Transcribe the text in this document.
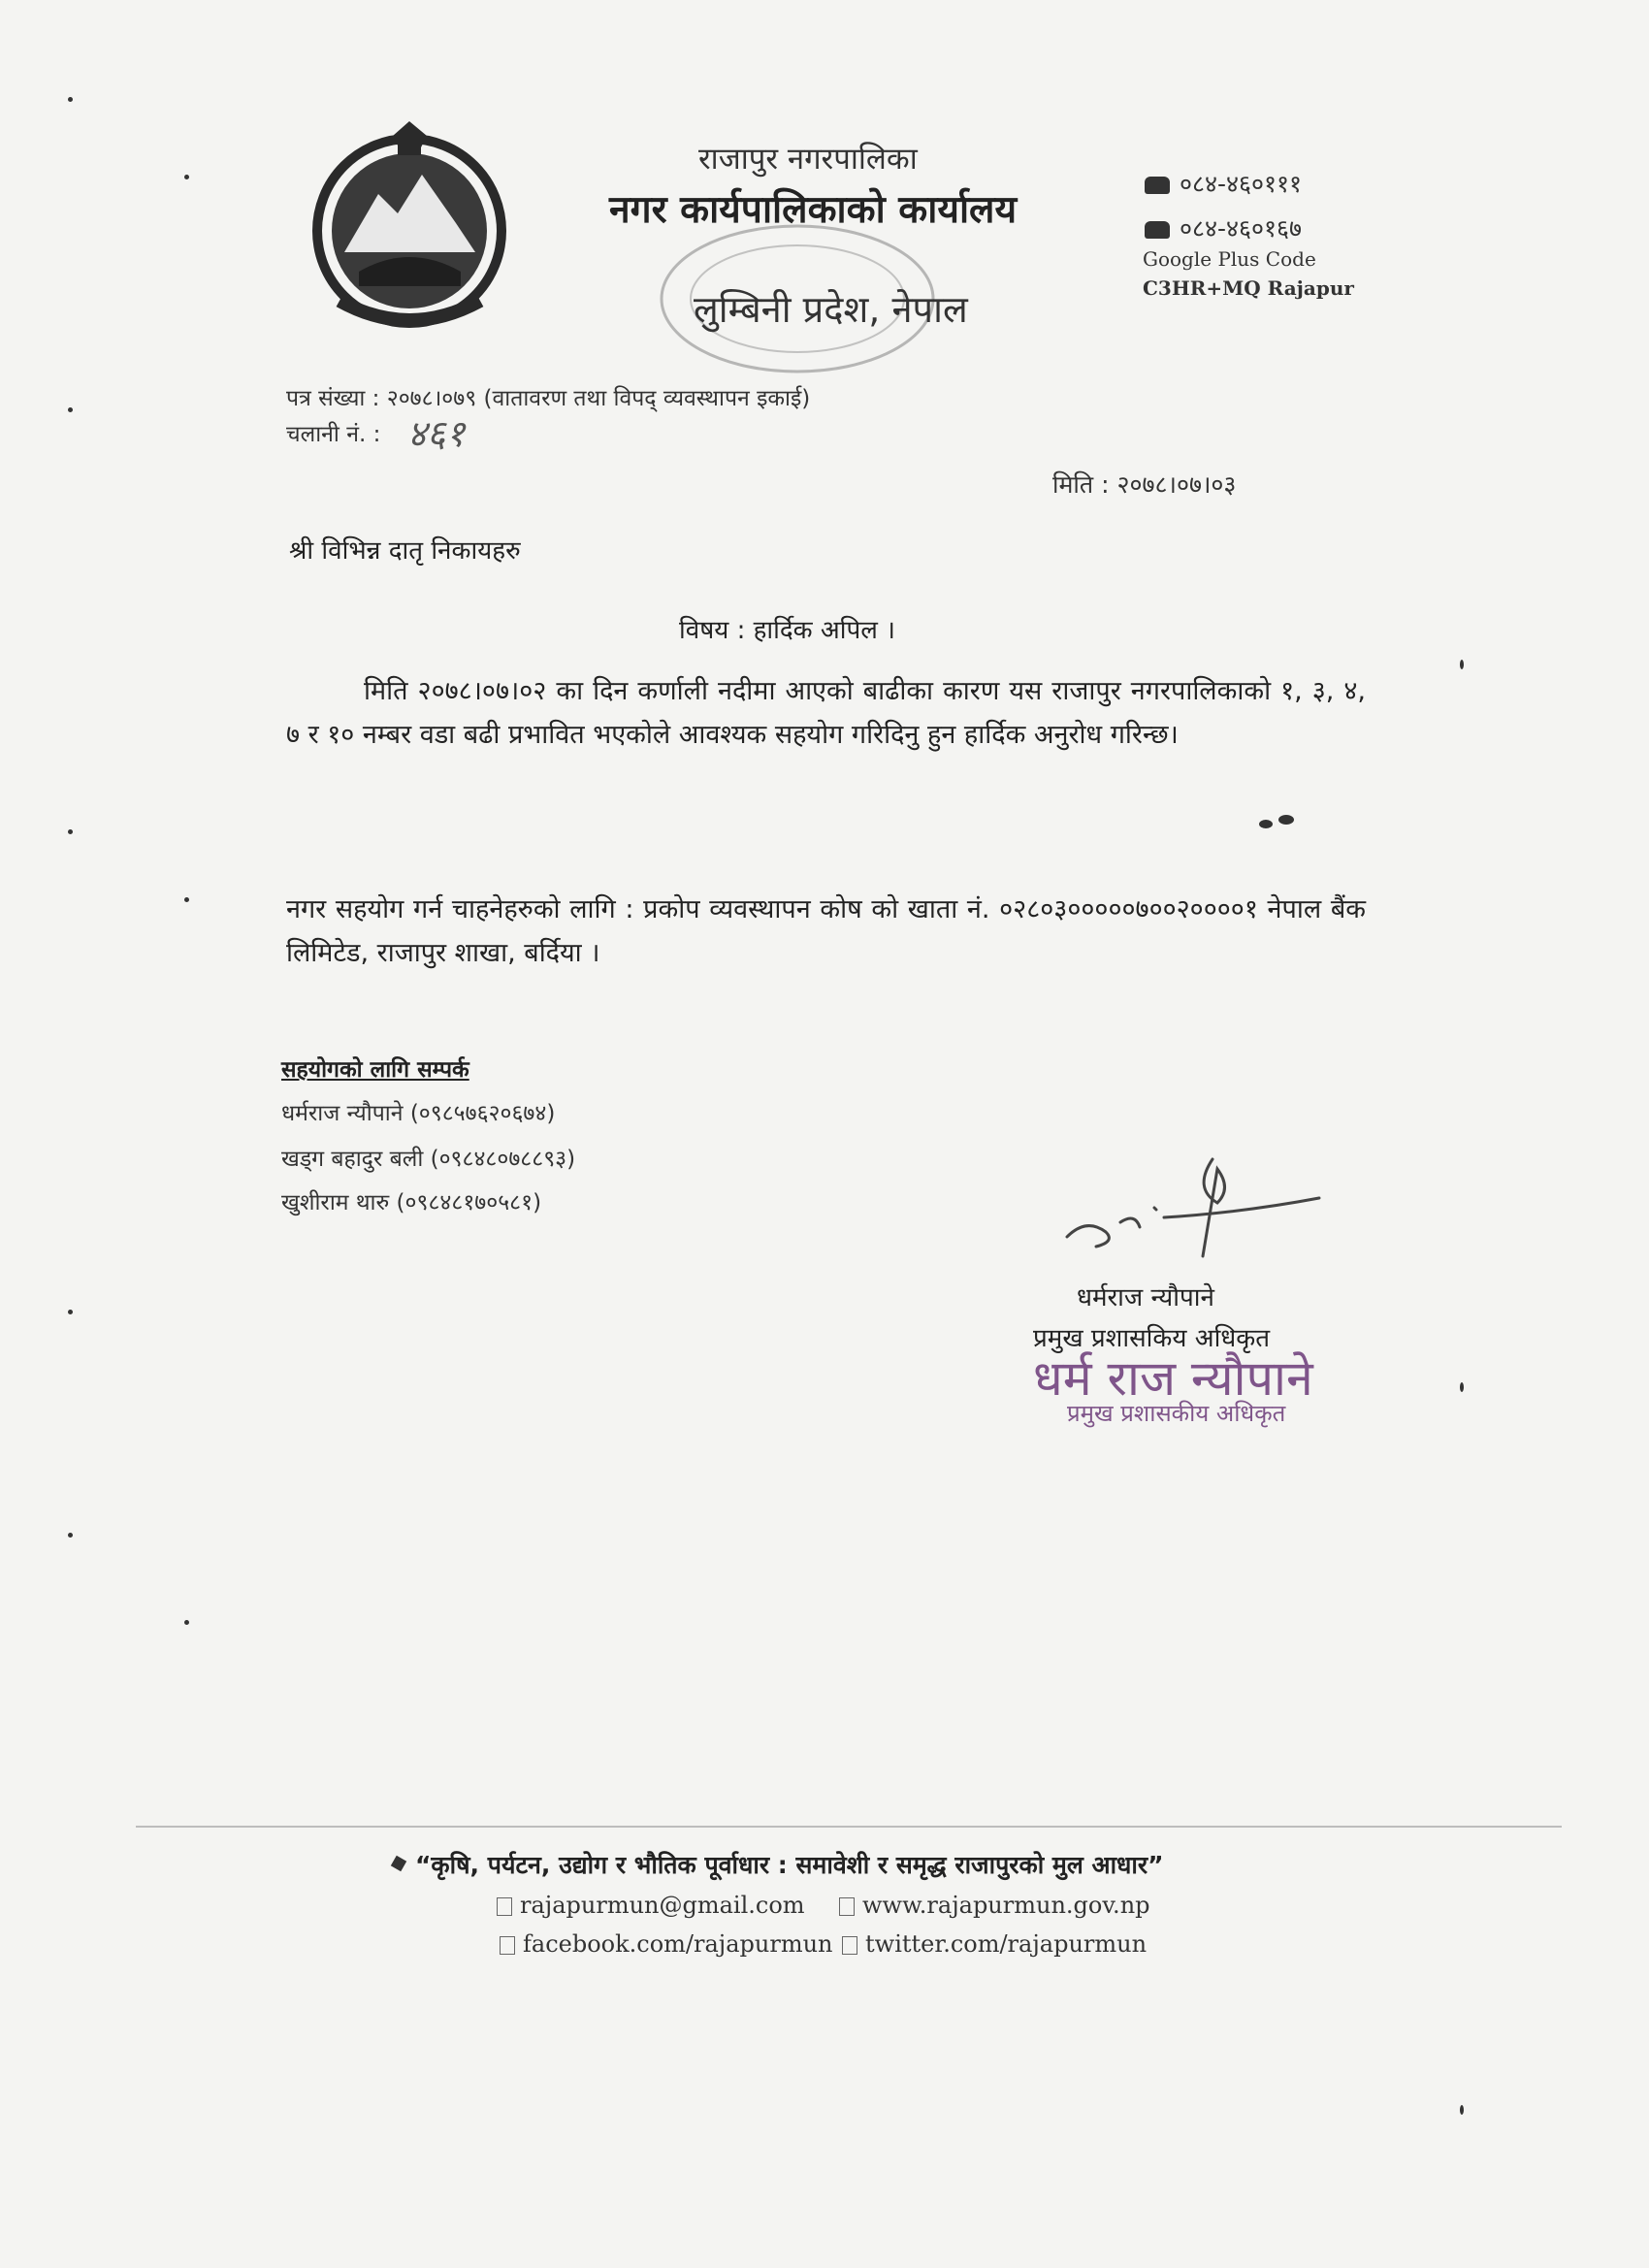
राजापुर नगरपालिका
नगर कार्यपालिकाको कार्यालय
लुम्बिनी प्रदेश, नेपाल
०८४-४६०१११
०८४-४६०१६७
Google Plus Code
C3HR+MQ Rajapur
पत्र संख्या : २०७८।०७९ (वातावरण तथा विपद् व्यवस्थापन इकाई)
चलानी नं. : ४६१
मिति : २०७८।०७।०३
श्री विभिन्न दातृ निकायहरु
विषय : हार्दिक अपिल ।
मिति २०७८।०७।०२ का दिन कर्णाली नदीमा आएको बाढीका कारण यस राजापुर नगरपालिकाको १, ३, ४, ७ र १० नम्बर वडा बढी प्रभावित भएकोले आवश्यक सहयोग गरिदिनु हुन हार्दिक अनुरोध गरिन्छ।
नगर सहयोग गर्न चाहनेहरुको लागि : प्रकोप व्यवस्थापन कोष को खाता नं. ०२८०३०००००७००२००००१ नेपाल बैंक लिमिटेड, राजापुर शाखा, बर्दिया ।
सहयोगको लागि सम्पर्क
धर्मराज न्यौपाने (०९८५७६२०६७४)
खड्ग बहादुर बली (०९८४८०७८८९३)
खुशीराम थारु (०९८४८१७०५८१)
धर्मराज न्यौपाने
प्रमुख प्रशासकिय अधिकृत
धर्म राज न्यौपाने
प्रमुख प्रशासकीय अधिकृत
“कृषि, पर्यटन, उद्योग र भौतिक पूर्वाधार : समावेशी र समृद्ध राजापुरको मुल आधार”
rajapurmun@gmail.com	www.rajapurmun.gov.np
facebook.com/rajapurmun	twitter.com/rajapurmun
